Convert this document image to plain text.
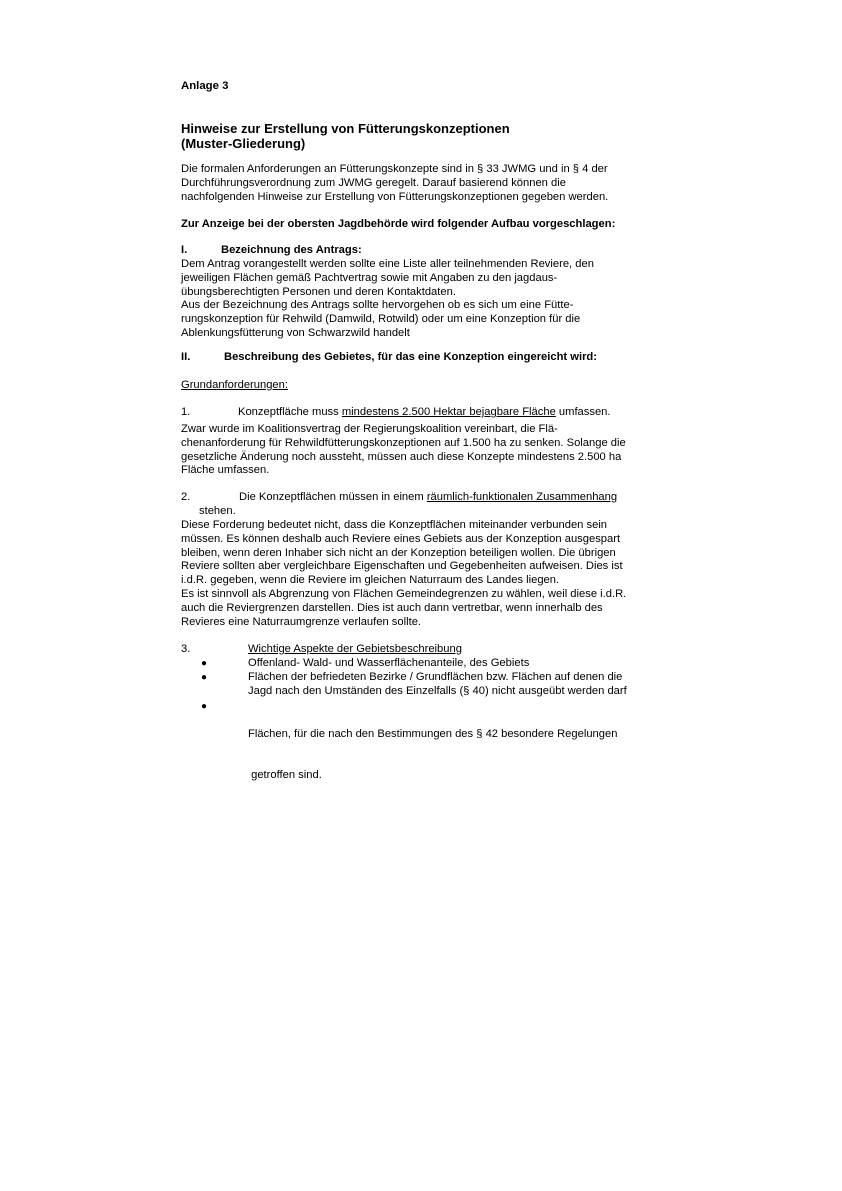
Anlage 3
Hinweise zur Erstellung von Fütterungskonzeptionen
(Muster-Gliederung)
Die formalen Anforderungen an Fütterungskonzepte sind in § 33 JWMG und in § 4 der
Durchführungsverordnung zum JWMG geregelt. Darauf basierend können die
nachfolgenden Hinweise zur Erstellung von Fütterungskonzeptionen gegeben werden.
Zur Anzeige bei der obersten Jagdbehörde wird folgender Aufbau vorgeschlagen:
I.	Bezeichnung des Antrags:
Dem Antrag vorangestellt werden sollte eine Liste aller teilnehmenden Reviere, den
jeweiligen Flächen gemäß Pachtvertrag sowie mit Angaben zu den jagdaus-
übungsberechtigten Personen und deren Kontaktdaten.
Aus der Bezeichnung des Antrags sollte hervorgehen ob es sich um eine Fütte-
rungskonzeption für Rehwild (Damwild, Rotwild) oder um eine Konzeption für die
Ablenkungsfütterung von Schwarzwild handelt
II.	Beschreibung des Gebietes, für das eine Konzeption eingereicht wird:
Grundanforderungen:
1.	Konzeptfläche muss mindestens 2.500 Hektar bejagbare Fläche umfassen.
Zwar wurde im Koalitionsvertrag der Regierungskoalition vereinbart, die Flä-
chenanforderung für Rehwildfütterungskonzeptionen auf 1.500 ha zu senken. Solange die
gesetzliche Änderung noch aussteht, müssen auch diese Konzepte mindestens 2.500 ha
Fläche umfassen.
2.	Die Konzeptflächen müssen in einem räumlich-funktionalen Zusammenhang
stehen.
Diese Forderung bedeutet nicht, dass die Konzeptflächen miteinander verbunden sein
müssen. Es können deshalb auch Reviere eines Gebiets aus der Konzeption ausgespart
bleiben, wenn deren Inhaber sich nicht an der Konzeption beteiligen wollen. Die übrigen
Reviere sollten aber vergleichbare Eigenschaften und Gegebenheiten aufweisen. Dies ist
i.d.R. gegeben, wenn die Reviere im gleichen Naturraum des Landes liegen.
Es ist sinnvoll als Abgrenzung von Flächen Gemeindegrenzen zu wählen, weil diese i.d.R.
auch die Reviergrenzen darstellen. Dies ist auch dann vertretbar, wenn innerhalb des
Revieres eine Naturraumgrenze verlaufen sollte.
3.	Wichtige Aspekte der Gebietsbeschreibung
●	Offenland- Wald- und Wasserflächenanteile, des Gebiets
●	Flächen der befriedeten Bezirke / Grundflächen bzw. Flächen auf denen die
Jagd nach den Umständen des Einzelfalls (§ 40) nicht ausgeübt werden darf
●

Flächen, für die nach den Bestimmungen des § 42 besondere Regelungen

getroffen sind.
